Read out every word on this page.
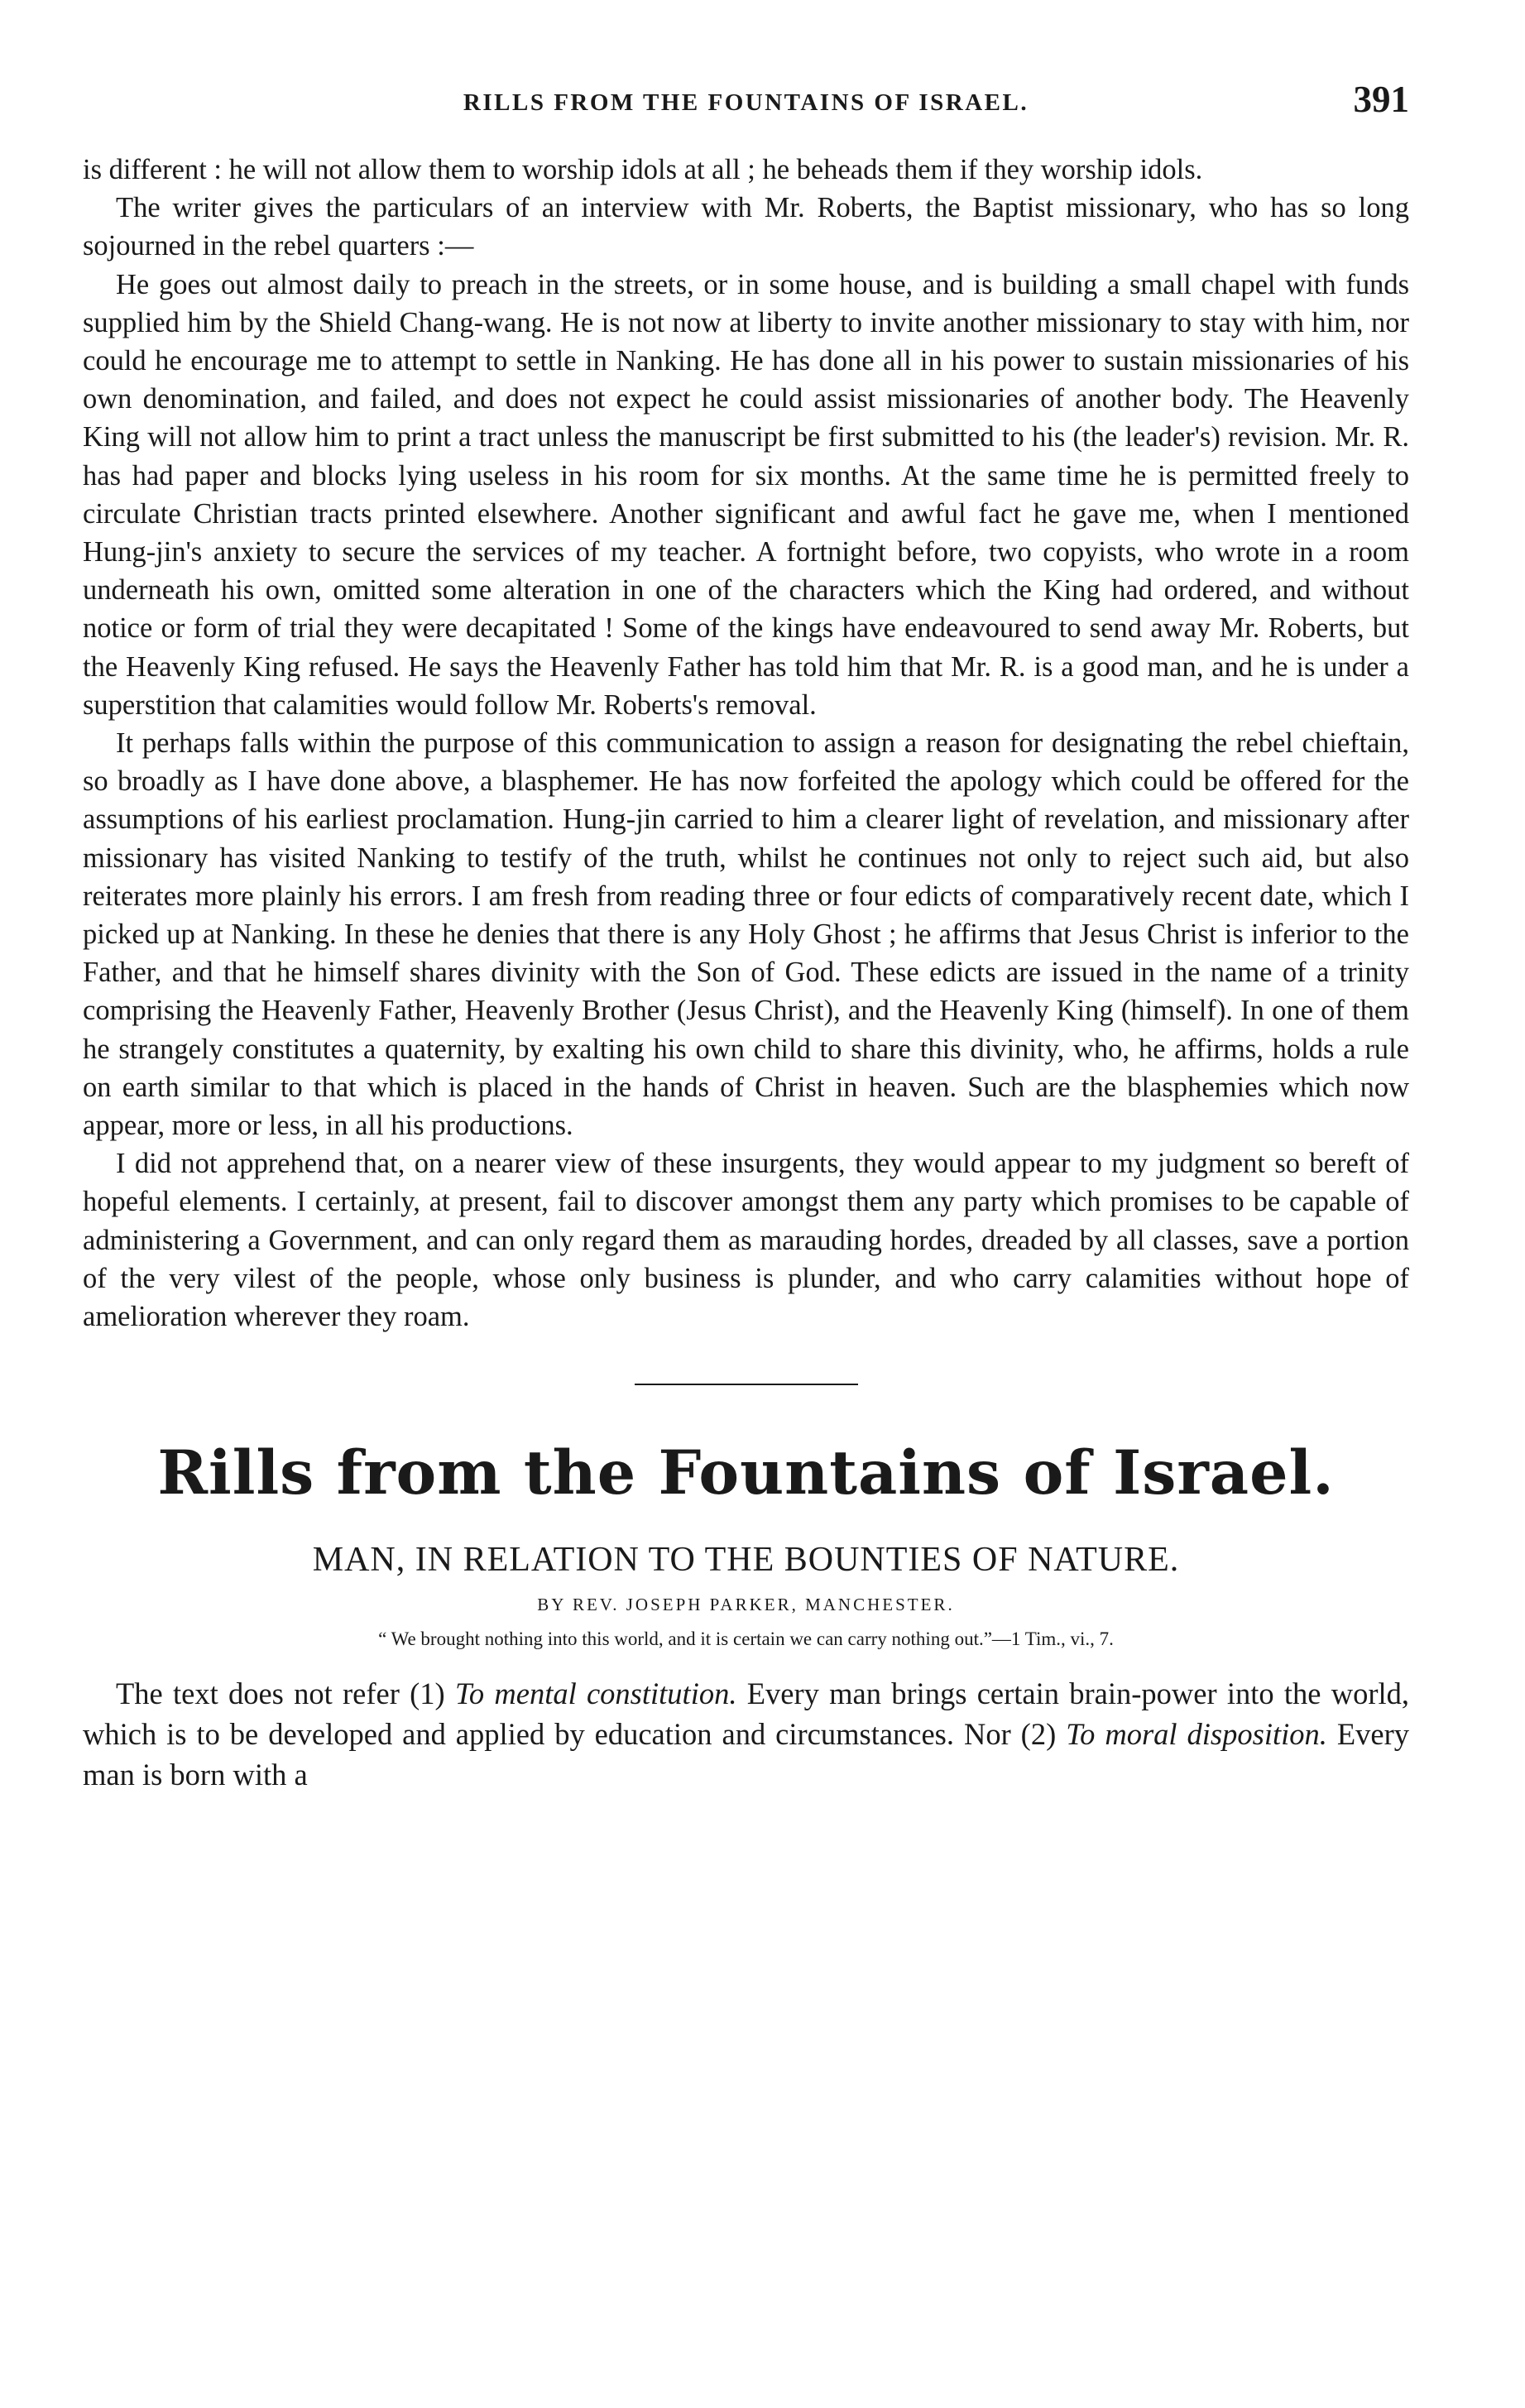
RILLS FROM THE FOUNTAINS OF ISRAEL.	391

is different : he will not allow them to worship idols at all ; he beheads them if they worship idols.

The writer gives the particulars of an interview with Mr. Roberts, the Baptist missionary, who has so long sojourned in the rebel quarters :—

He goes out almost daily to preach in the streets, or in some house, and is building a small chapel with funds supplied him by the Shield Chang-wang. He is not now at liberty to invite another missionary to stay with him, nor could he encourage me to attempt to settle in Nanking. He has done all in his power to sustain missionaries of his own denomination, and failed, and does not expect he could assist missionaries of another body. The Heavenly King will not allow him to print a tract unless the manuscript be first submitted to his (the leader's) revision. Mr. R. has had paper and blocks lying useless in his room for six months. At the same time he is permitted freely to circulate Christian tracts printed elsewhere. Another significant and awful fact he gave me, when I mentioned Hung-jin's anxiety to secure the services of my teacher. A fortnight before, two copyists, who wrote in a room underneath his own, omitted some alteration in one of the characters which the King had ordered, and without notice or form of trial they were decapitated ! Some of the kings have endeavoured to send away Mr. Roberts, but the Heavenly King refused. He says the Heavenly Father has told him that Mr. R. is a good man, and he is under a superstition that calamities would follow Mr. Roberts's removal.

It perhaps falls within the purpose of this communication to assign a reason for designating the rebel chieftain, so broadly as I have done above, a blasphemer. He has now forfeited the apology which could be offered for the assumptions of his earliest proclamation. Hung-jin carried to him a clearer light of revelation, and missionary after missionary has visited Nanking to testify of the truth, whilst he continues not only to reject such aid, but also reiterates more plainly his errors. I am fresh from reading three or four edicts of comparatively recent date, which I picked up at Nanking. In these he denies that there is any Holy Ghost ; he affirms that Jesus Christ is inferior to the Father, and that he himself shares divinity with the Son of God. These edicts are issued in the name of a trinity comprising the Heavenly Father, Heavenly Brother (Jesus Christ), and the Heavenly King (himself). In one of them he strangely constitutes a quaternity, by exalting his own child to share this divinity, who, he affirms, holds a rule on earth similar to that which is placed in the hands of Christ in heaven. Such are the blasphemies which now appear, more or less, in all his productions.

I did not apprehend that, on a nearer view of these insurgents, they would appear to my judgment so bereft of hopeful elements. I certainly, at present, fail to discover amongst them any party which promises to be capable of administering a Government, and can only regard them as marauding hordes, dreaded by all classes, save a portion of the very vilest of the people, whose only business is plunder, and who carry calamities without hope of amelioration wherever they roam.

Rills from the Fountains of Israel.
MAN, IN RELATION TO THE BOUNTIES OF NATURE.
BY REV. JOSEPH PARKER, MANCHESTER.
“ We brought nothing into this world, and it is certain we can carry nothing out.”—1 Tim., vi., 7.

The text does not refer (1) To mental constitution. Every man brings certain brain-power into the world, which is to be developed and applied by education and circumstances. Nor (2) To moral disposition. Every man is born with a
